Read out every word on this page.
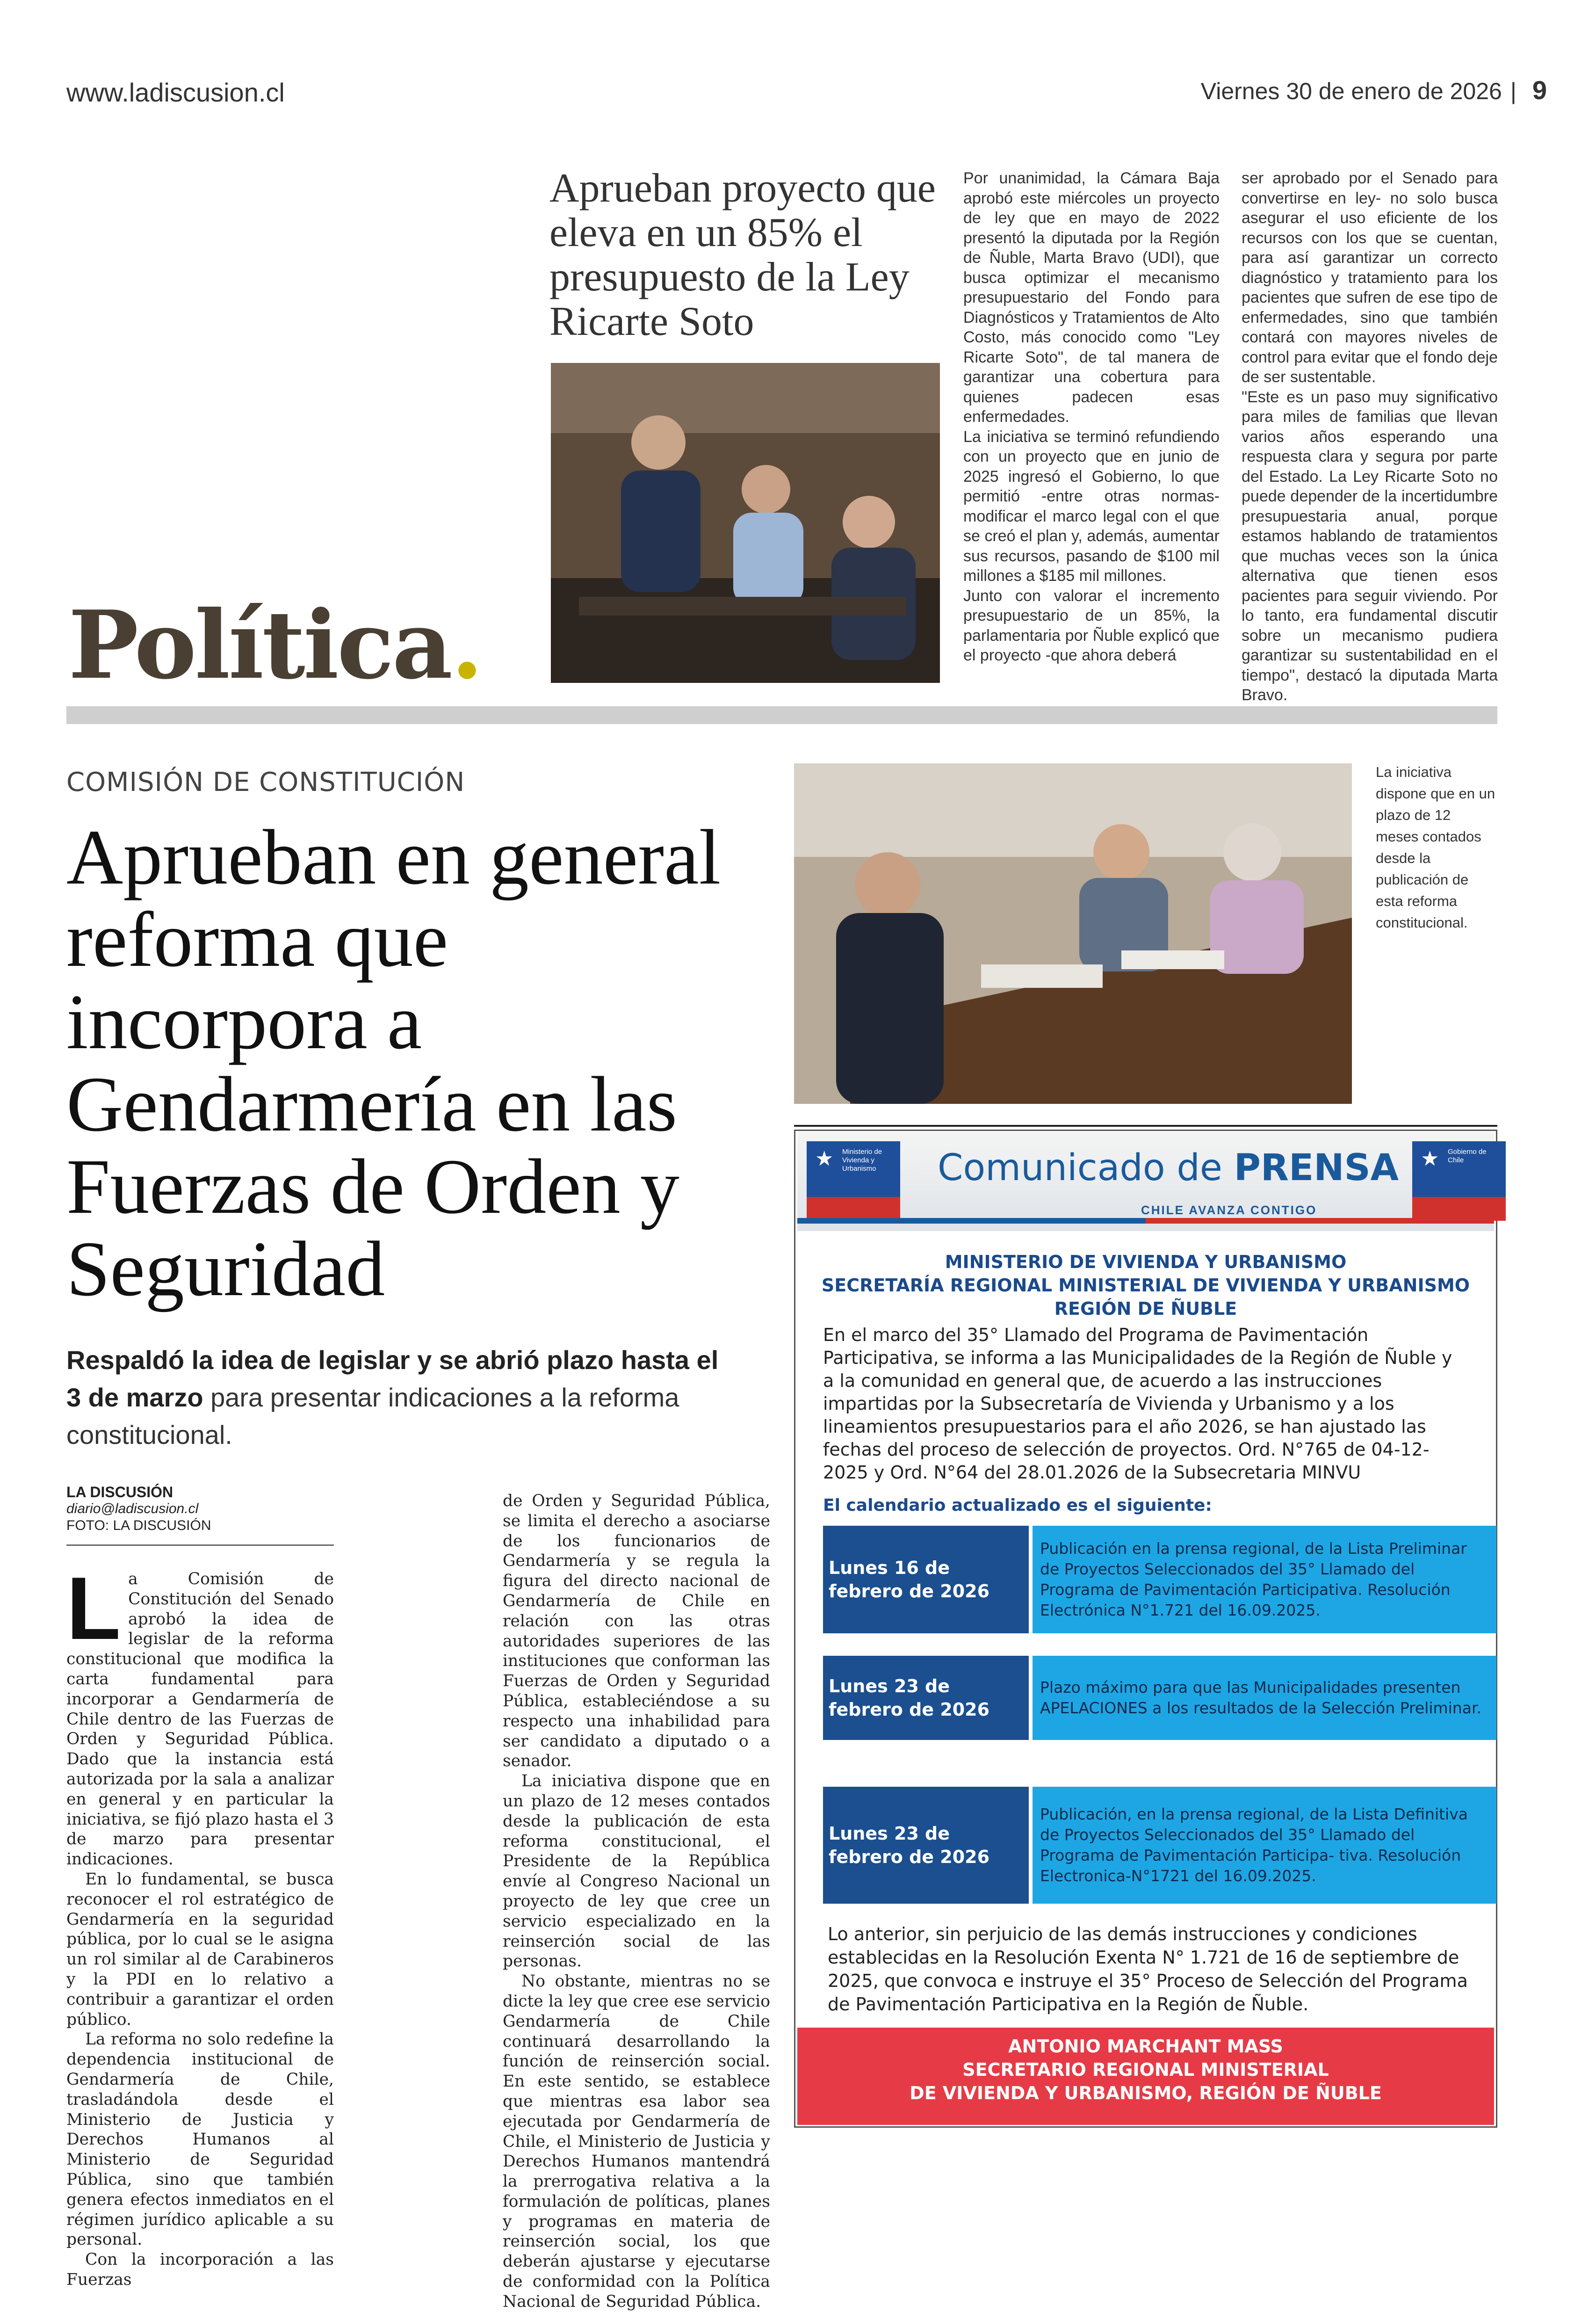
www.ladiscusion.cl	Viernes 30 de enero de 2026 | 9
Aprueban proyecto que eleva en un 85% el presupuesto de la Ley Ricarte Soto

Por unanimidad, la Cámara Baja aprobó este miércoles un proyecto de ley que en mayo de 2022 presentó la diputada por la Región de Ñuble, Marta Bravo (UDI), que busca optimizar el mecanismo presupuestario del Fondo para Diagnósticos y Tratamientos de Alto Costo, más conocido como "Ley Ricarte Soto", de tal manera de garantizar una cobertura para quienes padecen esas enfermedades.

La iniciativa se terminó refundiendo con un proyecto que en junio de 2025 ingresó el Gobierno, lo que permitió -entre otras normas- modificar el marco legal con el que se creó el plan y, además, aumentar sus recursos, pasando de $100 mil millones a $185 mil millones.

Junto con valorar el incremento presupuestario de un 85%, la parlamentaria por Ñuble explicó que el proyecto -que ahora deberá

ser aprobado por el Senado para convertirse en ley- no solo busca asegurar el uso eficiente de los recursos con los que se cuentan, para así garantizar un correcto diagnóstico y tratamiento para los pacientes que sufren de ese tipo de enfermedades, sino que también contará con mayores niveles de control para evitar que el fondo deje de ser sustentable.

"Este es un paso muy significativo para miles de familias que llevan varios años esperando una respuesta clara y segura por parte del Estado. La Ley Ricarte Soto no puede depender de la incertidumbre presupuestaria anual, porque estamos hablando de tratamientos que muchas veces son la única alternativa que tienen esos pacientes para seguir viviendo. Por lo tanto, era fundamental discutir sobre un mecanismo pudiera garantizar su sustentabilidad en el tiempo", destacó la diputada Marta Bravo.

Política.
COMISIÓN DE CONSTITUCIÓN
Aprueban en general reforma que incorpora a Gendarmería en las Fuerzas de Orden y Seguridad
Respaldó la idea de legislar y se abrió plazo hasta el 3 de marzo para presentar indicaciones a la reforma constitucional.
LA DISCUSIÓN
diario@ladiscusion.cl
FOTO: LA DISCUSIÓN
La Comisión de Constitución del Senado aprobó la idea de legislar de la reforma constitucional que modifica la carta fundamental para incorporar a Gendarmería de Chile dentro de las Fuerzas de Orden y Seguridad Pública. Dado que la instancia está autorizada por la sala a analizar en general y en particular la iniciativa, se fijó plazo hasta el 3 de marzo para presentar indicaciones.

En lo fundamental, se busca reconocer el rol estratégico de Gendarmería en la seguridad pública, por lo cual se le asigna un rol similar al de Carabineros y la PDI en lo relativo a contribuir a garantizar el orden público.

La reforma no solo redefine la dependencia institucional de Gendarmería de Chile, trasladándola desde el Ministerio de Justicia y Derechos Humanos al Ministerio de Seguridad Pública, sino que también genera efectos inmediatos en el régimen jurídico aplicable a su personal.

Con la incorporación a las Fuerzas

de Orden y Seguridad Pública, se limita el derecho a asociarse de los funcionarios de Gendarmería y se regula la figura del directo nacional de Gendarmería de Chile en relación con las otras autoridades superiores de las instituciones que conforman las Fuerzas de Orden y Seguridad Pública, estableciéndose a su respecto una inhabilidad para ser candidato a diputado o a senador.

La iniciativa dispone que en un plazo de 12 meses contados desde la publicación de esta reforma constitucional, el Presidente de la República envíe al Congreso Nacional un proyecto de ley que cree un servicio especializado en la reinserción social de las personas.

No obstante, mientras no se dicte la ley que cree ese servicio Gendarmería de Chile continuará desarrollando la función de reinserción social. En este sentido, se establece que mientras esa labor sea ejecutada por Gendarmería de Chile, el Ministerio de Justicia y Derechos Humanos mantendrá la prerrogativa relativa a la formulación de políticas, planes y programas en materia de reinserción social, los que deberán ajustarse y ejecutarse de conformidad con la Política Nacional de Seguridad Pública.

La iniciativa dispone que en un plazo de 12 meses contados desde la publicación de esta reforma constitucional.
★ Ministerio de Vivienda y Urbanismo	★ Gobierno de Chile
Comunicado de PRENSA
CHILE AVANZA CONTIGO
MINISTERIO DE VIVIENDA Y URBANISMO
SECRETARÍA REGIONAL MINISTERIAL DE VIVIENDA Y URBANISMO
REGIÓN DE ÑUBLE
En el marco del 35° Llamado del Programa de Pavimentación Participativa, se informa a las Municipalidades de la Región de Ñuble y a la comunidad en general que, de acuerdo a las instrucciones impartidas por la Subsecretaría de Vivienda y Urbanismo y a los lineamientos presupuestarios para el año 2026, se han ajustado las fechas del proceso de selección de proyectos. Ord. N°765 de 04-12-2025 y Ord. N°64 del 28.01.2026 de la Subsecretaria MINVU
El calendario actualizado es el siguiente:
Lunes 16 de febrero de 2026
Publicación en la prensa regional, de la Lista Preliminar de Proyectos Seleccionados del 35° Llamado del Programa de Pavimentación Participativa. Resolución Electrónica N°1.721 del 16.09.2025.
Lunes 23 de febrero de 2026
Plazo máximo para que las Municipalidades presenten APELACIONES a los resultados de la Selección Preliminar.
Lunes 23 de febrero de 2026
Publicación, en la prensa regional, de la Lista Definitiva de Proyectos Seleccionados del 35° Llamado del Programa de Pavimentación Participa- tiva. Resolución Electronica-N°1721 del 16.09.2025.
Lo anterior, sin perjuicio de las demás instrucciones y condiciones establecidas en la Resolución Exenta N° 1.721 de 16 de septiembre de 2025, que convoca e instruye el 35° Proceso de Selección del Programa de Pavimentación Participativa en la Región de Ñuble.
ANTONIO MARCHANT MASS
SECRETARIO REGIONAL MINISTERIAL
DE VIVIENDA Y URBANISMO, REGIÓN DE ÑUBLE
